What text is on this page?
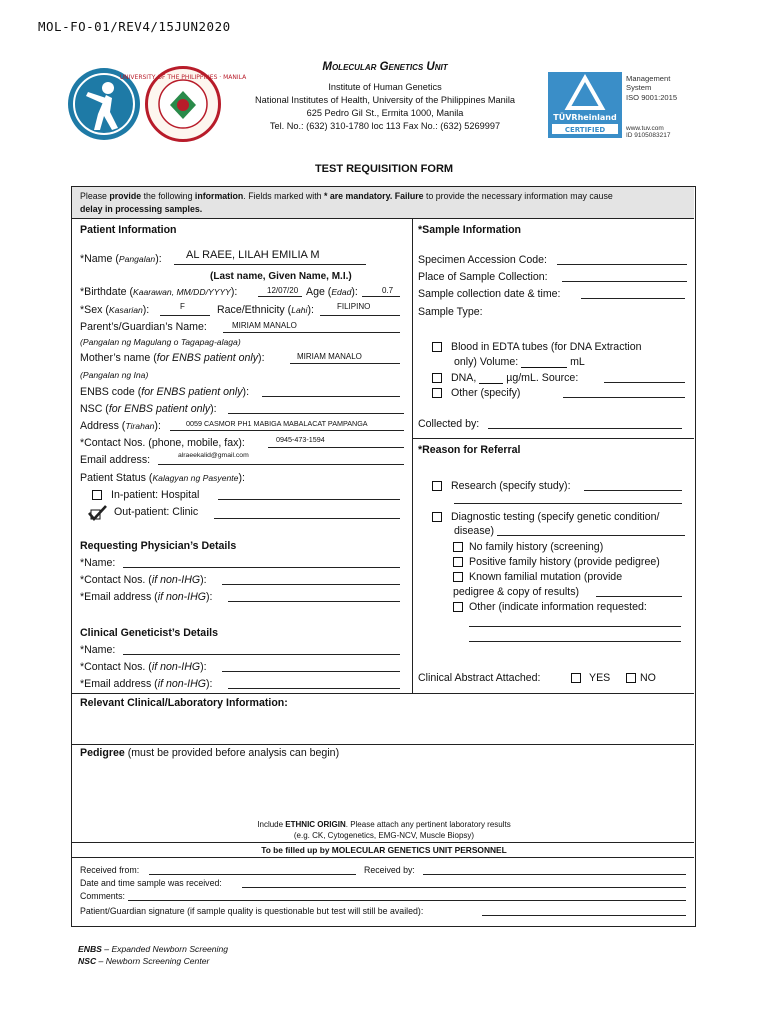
MOL-FO-01/REV4/15JUN2020
UNIVERSITY OF THE PHILIPPINES · MANILA
Molecular Genetics Unit
Institute of Human Genetics
National Institutes of Health, University of the Philippines Manila
625 Pedro Gil St., Ermita 1000, Manila
Tel. No.: (632) 310-1780 loc 113 Fax No.: (632) 5269997
TÜVRheinland
CERTIFIED
Management
System
ISO 9001:2015
www.tuv.com
ID 9105083217
TEST REQUISITION FORM
Please provide the following information. Fields marked with * are mandatory. Failure to provide the necessary information may cause
delay in processing samples.
Patient Information
*Name (Pangalan): AL RAEE, LILAH EMILIA M
(Last name, Given Name, M.I.)
*Birthdate (Kaarawan, MM/DD/YYYY):	12/07/20 Age (Edad):	0.7
*Sex (Kasarian):	F	Race/Ethnicity (Lahi):	FILIPINO
Parent’s/Guardian’s Name:	MIRIAM MANALO
(Pangalan ng Magulang o Tagapag-alaga)
Mother’s name (for ENBS patient only):	MIRIAM MANALO
(Pangalan ng Ina)
ENBS code (for ENBS patient only):
NSC (for ENBS patient only):
Address (Tirahan):	0059 CASMOR PH1 MABIGA MABALACAT PAMPANGA
*Contact Nos. (phone, mobile, fax):	0945-473-1594
Email address:	alraeekalid@gmail.com
Patient Status (Kalagyan ng Pasyente):
In-patient: Hospital
Out-patient: Clinic
Requesting Physician’s Details
*Name:
*Contact Nos. (if non-IHG):
*Email address (if non-IHG):
Clinical Geneticist’s Details
*Name:
*Contact Nos. (if non-IHG):
*Email address (if non-IHG):
*Sample Information
Specimen Accession Code:
Place of Sample Collection:
Sample collection date & time:
Sample Type:
Blood in EDTA tubes (for DNA Extraction
only) Volume:	mL
DNA,	µg/mL. Source:
Other (specify)
Collected by:
*Reason for Referral
Research (specify study):
Diagnostic testing (specify genetic condition/
disease)
No family history (screening)
Positive family history (provide pedigree)
Known familial mutation (provide
pedigree & copy of results)
Other (indicate information requested:
Clinical Abstract Attached:	YES	NO
Relevant Clinical/Laboratory Information:
Pedigree (must be provided before analysis can begin)
Include ETHNIC ORIGIN. Please attach any pertinent laboratory results
(e.g. CK, Cytogenetics, EMG-NCV, Muscle Biopsy)
To be filled up by MOLECULAR GENETICS UNIT PERSONNEL
Received from:	Received by:
Date and time sample was received:
Comments:
Patient/Guardian signature (if sample quality is questionable but test will still be availed):
ENBS – Expanded Newborn Screening
NSC – Newborn Screening Center
